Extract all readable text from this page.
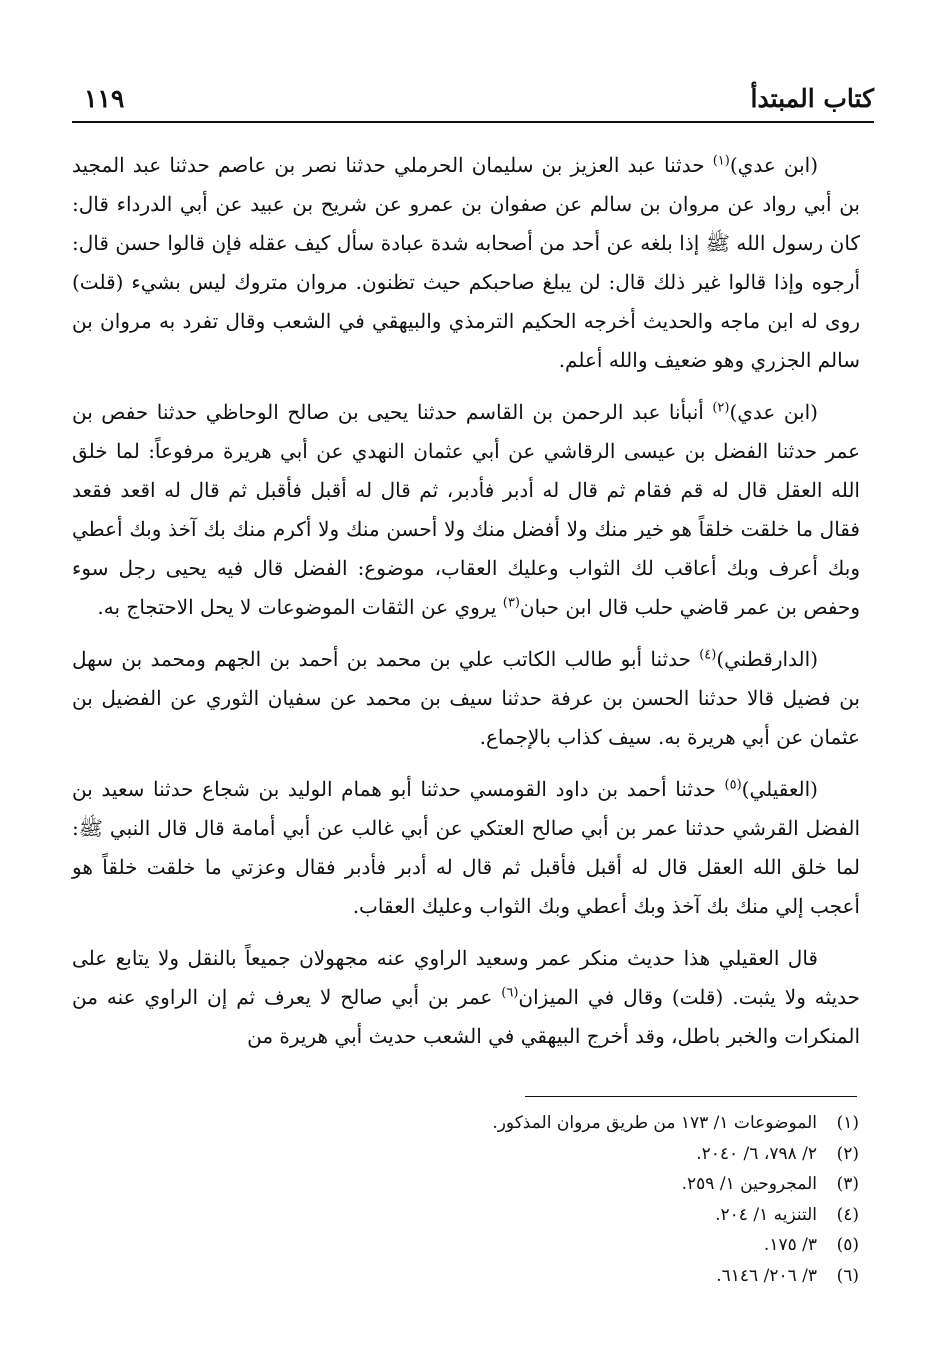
كتاب المبتدأ
١١٩

(ابن عدي)$^{(١)}$ حدثنا عبد العزيز بن سليمان الحرملي حدثنا نصر بن عاصم حدثنا عبد المجيد بن أبي رواد عن مروان بن سالم عن صفوان بن عمرو عن شريح بن عبيد عن أبي الدرداء قال: كان رسول الله ﷺ إذا بلغه عن أحد من أصحابه شدة عبادة سأل كيف عقله فإن قالوا حسن قال: أرجوه وإذا قالوا غير ذلك قال: لن يبلغ صاحبكم حيث تظنون. مروان متروك ليس بشيء (قلت) روى له ابن ماجه والحديث أخرجه الحكيم الترمذي والبيهقي في الشعب وقال تفرد به مروان بن سالم الجزري وهو ضعيف والله أعلم.

(ابن عدي)$^{(٢)}$ أنبأنا عبد الرحمن بن القاسم حدثنا يحيى بن صالح الوحاظي حدثنا حفص بن عمر حدثنا الفضل بن عيسى الرقاشي عن أبي عثمان النهدي عن أبي هريرة مرفوعاً: لما خلق الله العقل قال له قم فقام ثم قال له أدبر فأدبر، ثم قال له أقبل فأقبل ثم قال له اقعد فقعد فقال ما خلقت خلقاً هو خير منك ولا أفضل منك ولا أحسن منك ولا أكرم منك بك آخذ وبك أعطي وبك أعرف وبك أعاقب لك الثواب وعليك العقاب، موضوع: الفضل قال فيه يحيى رجل سوء وحفص بن عمر قاضي حلب قال ابن حبان$^{(٣)}$ يروي عن الثقات الموضوعات لا يحل الاحتجاج به.

(الدارقطني)$^{(٤)}$ حدثنا أبو طالب الكاتب علي بن محمد بن أحمد بن الجهم ومحمد بن سهل بن فضيل قالا حدثنا الحسن بن عرفة حدثنا سيف بن محمد عن سفيان الثوري عن الفضيل بن عثمان عن أبي هريرة به. سيف كذاب بالإجماع.

(العقيلي)$^{(٥)}$ حدثنا أحمد بن داود القومسي حدثنا أبو همام الوليد بن شجاع حدثنا سعيد بن الفضل القرشي حدثنا عمر بن أبي صالح العتكي عن أبي غالب عن أبي أمامة قال قال النبي ﷺ: لما خلق الله العقل قال له أقبل فأقبل ثم قال له أدبر فأدبر فقال وعزتي ما خلقت خلقاً هو أعجب إلي منك بك آخذ وبك أعطي وبك الثواب وعليك العقاب.

قال العقيلي هذا حديث منكر عمر وسعيد الراوي عنه مجهولان جميعاً بالنقل ولا يتابع على حديثه ولا يثبت. (قلت) وقال في الميزان$^{(٦)}$ عمر بن أبي صالح لا يعرف ثم إن الراوي عنه من المنكرات والخبر باطل، وقد أخرج البيهقي في الشعب حديث أبي هريرة من

(١)الموضوعات ١/ ١٧٣ من طريق مروان المذكور.
(٢)٢/ ٧٩٨، ٦/ ٢٠٤٠.
(٣)المجروحين ١/ ٢٥٩.
(٤)التنزيه ١/ ٢٠٤.
(٥)٣/ ١٧٥.
(٦)٣/ ٢٠٦/ ٦١٤٦.
